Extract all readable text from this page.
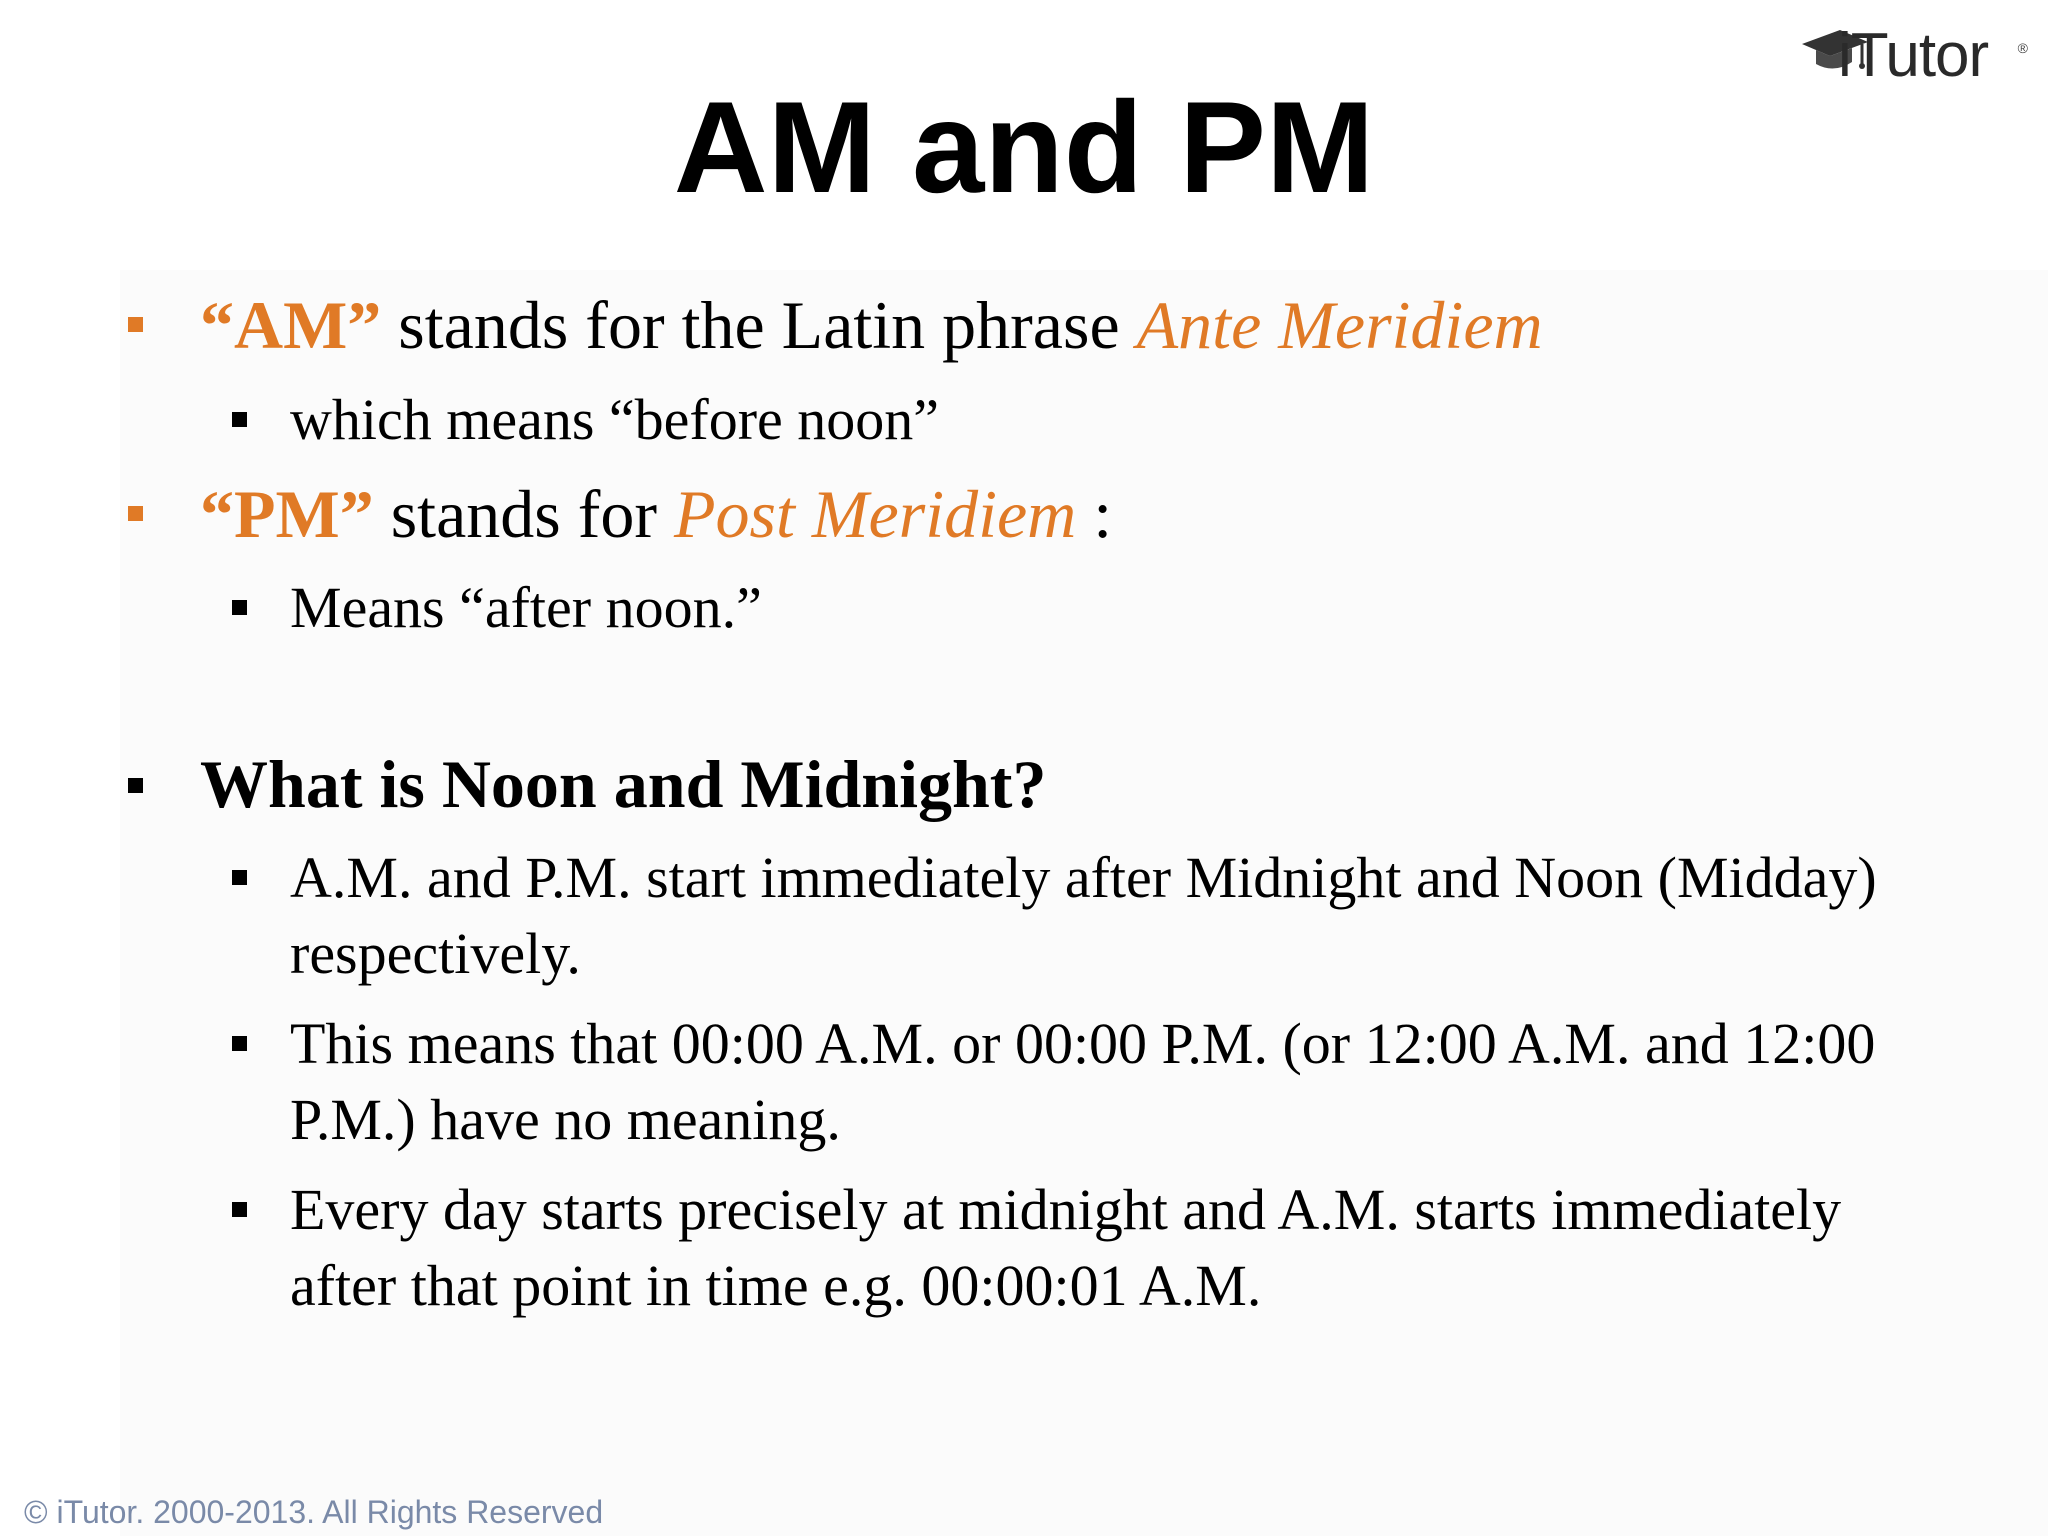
iTutor ®
AM and PM
“AM” stands for the Latin phrase Ante Meridiem
which means “before noon”
“PM” stands for Post Meridiem :
Means “after noon.”
What is Noon and Midnight?
A.M. and P.M. start immediately after Midnight and Noon (Midday) respectively.
This means that 00:00 A.M. or 00:00 P.M. (or 12:00 A.M. and 12:00 P.M.) have no meaning.
Every day starts precisely at midnight and A.M. starts immediately after that point in time e.g. 00:00:01 A.M.
© iTutor. 2000-2013. All Rights Reserved
